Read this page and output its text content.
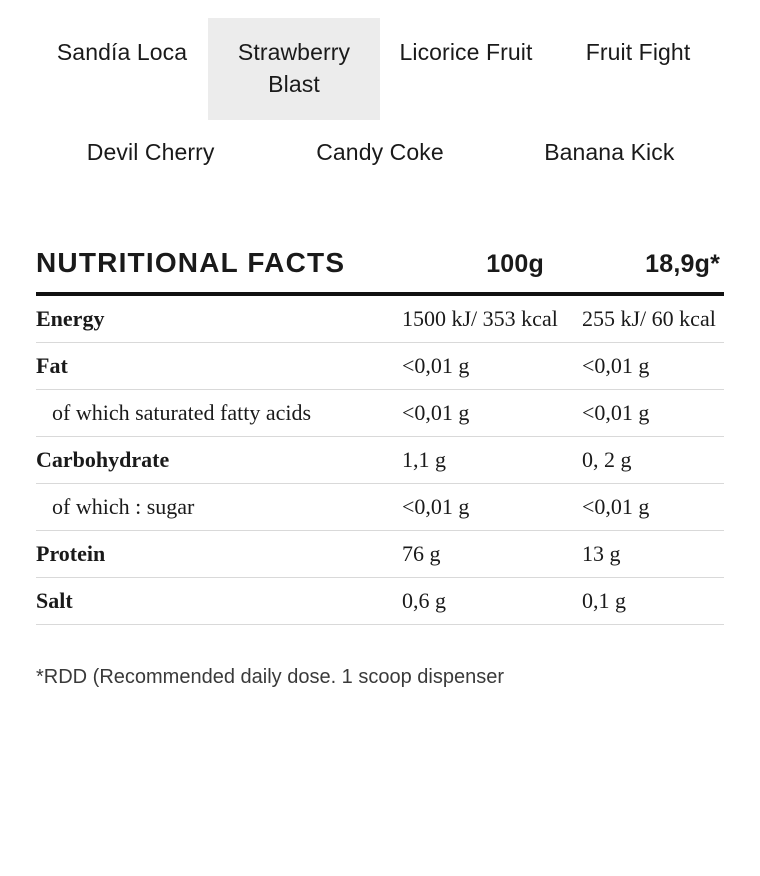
Sandía Loca	Strawberry Blast
Licorice Fruit	Fruit Fight
Devil Cherry	Candy Coke	Banana Kick
NUTRITIONAL FACTS	100g	18,9g*
Energy	1500 kJ/ 353 kcal	255 kJ/ 60 kcal
Fat	<0,01 g	<0,01 g
of which saturated fatty acids	<0,01 g	<0,01 g
Carbohydrate	1,1 g	0, 2 g
of which : sugar	<0,01 g	<0,01 g
Protein	76 g	13 g
Salt	0,6 g	0,1 g
*RDD (Recommended daily dose. 1 scoop dispenser
